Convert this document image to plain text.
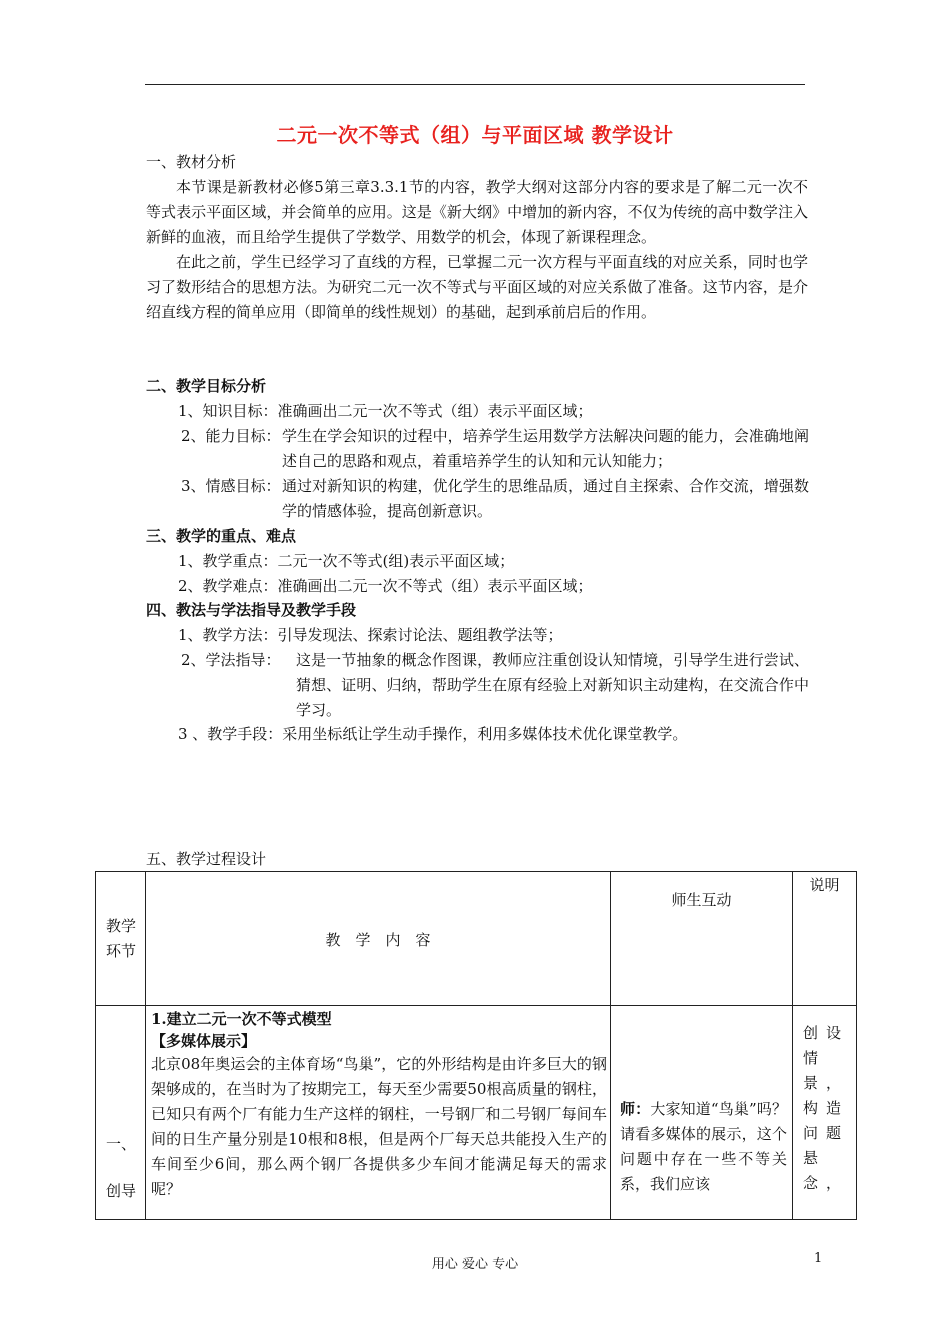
二元一次不等式（组）与平面区域 教学设计
一、教材分析
本节课是新教材必修5第三章3.3.1节的内容，教学大纲对这部分内容的要求是了解二元一次不等式表示平面区域，并会简单的应用。这是《新大纲》中增加的新内容，不仅为传统的高中数学注入新鲜的血液，而且给学生提供了学数学、用数学的机会，体现了新课程理念。
在此之前，学生已经学习了直线的方程，已掌握二元一次方程与平面直线的对应关系，同时也学习了数形结合的思想方法。为研究二元一次不等式与平面区域的对应关系做了准备。这节内容，是介绍直线方程的简单应用（即简单的线性规划）的基础，起到承前启后的作用。
二、教学目标分析
1、知识目标：准确画出二元一次不等式（组）表示平面区域；
2、能力目标： 学生在学会知识的过程中，培养学生运用数学方法解决问题的能力，会准确地阐述自己的思路和观点，着重培养学生的认知和元认知能力；
3、情感目标： 通过对新知识的构建，优化学生的思维品质，通过自主探索、合作交流，增强数学的情感体验，提高创新意识。
三、教学的重点、难点
1、教学重点：二元一次不等式(组)表示平面区域；
2、教学难点：准确画出二元一次不等式（组）表示平面区域；
四、教法与学法指导及教学手段
1、教学方法：引导发现法、探索讨论法、题组教学法等；
2、学法指导： 这是一节抽象的概念作图课，教师应注重创设认知情境，引导学生进行尝试、猜想、证明、归纳，帮助学生在原有经验上对新知识主动建构，在交流合作中学习。
3 、教学手段：采用坐标纸让学生动手操作，利用多媒体技术优化课堂教学。
五、教学过程设计
教学环节	教　学　内　容	师生互动	说明

一、创导	1.建立二元一次不等式模型
【多媒体展示】
北京08年奥运会的主体育场“鸟巢”，它的外形结构是由许多巨大的钢架够成的，在当时为了按期完工，每天至少需要50根高质量的钢柱，已知只有两个厂有能力生产这样的钢柱，一号钢厂和二号钢厂每间车间的日生产量分别是10根和8根，但是两个厂每天总共能投入生产的车间至少6间，那么两个钢厂各提供多少车间才能满足每天的需求呢？	师：大家知道“鸟巢”吗？请看多媒体的展示，这个问题中存在一些不等关系，我们应该	创设情景，构造问题悬念，
用心 爱心 专心	1
